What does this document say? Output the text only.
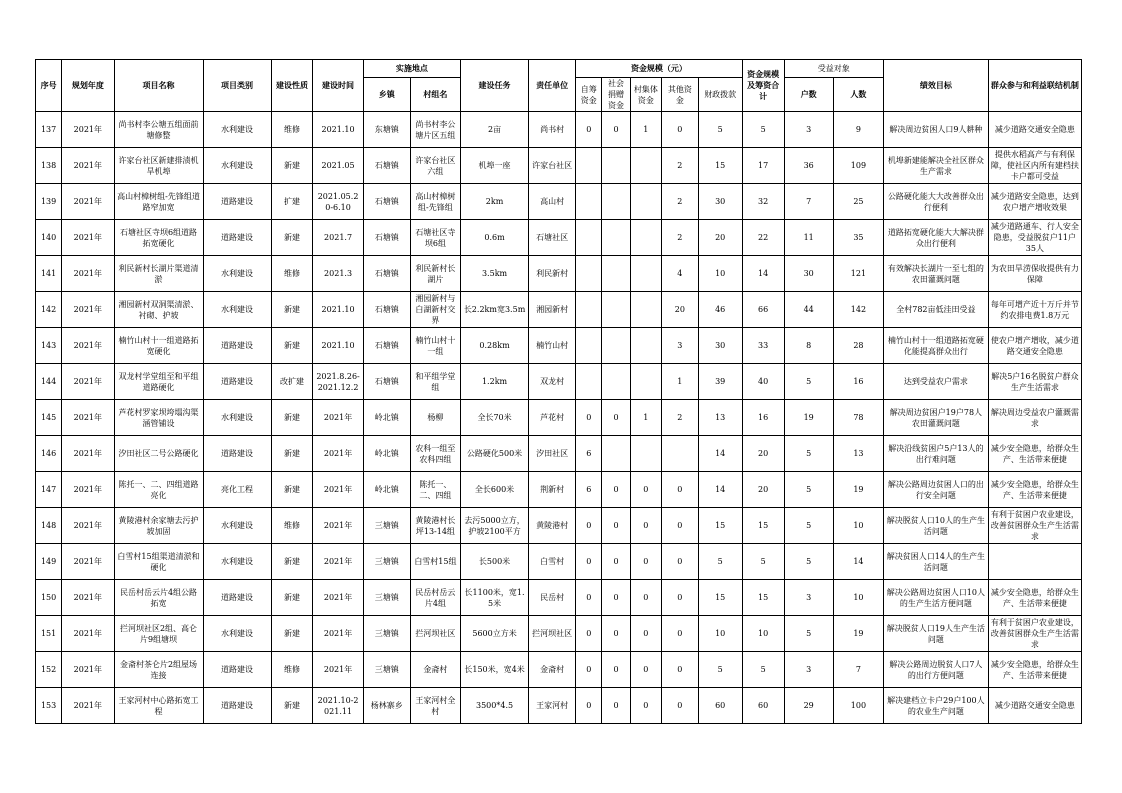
序号	规划年度	项目名称	项目类别	建设性质	建设时间	实施地点		建设任务	责任单位	资金规模（元）					资金规模及筹资合计	受益对象		绩效目标	群众参与和利益联结机制
						乡镇	村组名			自筹资金	社会捐赠资金	村集体资金	其他资金	财政拨款		户数	人数		
137	2021年	尚书村李公塘五组面前塘修整	水利建设	维修	2021.10	东塘镇	尚书村李公塘片区五组	2亩	尚书村	0	0	1	0	5	5	3	9	解决周边贫困人口9人耕种	减少道路交通安全隐患
138	2021年	许家台社区新建排渍机旱机埠	水利建设	新建	2021.05	石塘镇	许家台社区六组	机埠一座	许家台社区				2	15	17	36	109	机埠新建能解决全社区群众生产需求	提供水稻高产与有利保障，使社区内所有建档扶卡户都可受益
139	2021年	高山村樟树组-先锋组道路窄加宽	道路建设	扩建	2021.05.20-6.10	石塘镇	高山村樟树组-先锋组	2km	高山村				2	30	32	7	25	公路硬化能大大改善群众出行便利	减少道路安全隐患，达到农户增产增收效果
140	2021年	石塘社区寺坝6组道路拓宽硬化	道路建设	新建	2021.7	石塘镇	石塘社区寺坝6组	0.6m	石塘社区				2	20	22	11	35	道路拓宽硬化能大大解决群众出行便利	减少道路通车、行人安全隐患，受益脱贫户11户 35人
141	2021年	利民新村长湖片渠道清淤	水利建设	维修	2021.3	石塘镇	利民新村长湖片	3.5km	利民新村				4	10	14	30	121	有效解决长湖片一至七组的农田灌溉问题	为农田旱涝保收提供有力保障
142	2021年	湘园新村双洞渠清淤、衬砌、护坡	水利建设	新建	2021.10	石塘镇	湘园新村与白湖新村交界	长2.2km宽3.5m	湘园新村				20	46	66	44	142	全村782亩低洼田受益	每年可增产近十万斤并节约农排电费1.8万元
143	2021年	楠竹山村十一组道路拓宽硬化	道路建设	新建	2021.10	石塘镇	楠竹山村十一组	0.28km	楠竹山村				3	30	33	8	28	楠竹山村十一组道路拓宽硬化能提高群众出行	使农户增产增收，减少道路交通安全隐患
144	2021年	双龙村学堂组至和平组道路硬化	道路建设	改扩建	2021.8.26-2021.12.2	石塘镇	和平组学堂组	1.2km	双龙村				1	39	40	5	16	达到受益农户需求	解决5户16名脱贫户群众生产生活需求
145	2021年	芦花村罗家坝垮塌沟渠涵管铺设	水利建设	新建	2021年	岭北镇	杨柳	全长70米	芦花村	0	0	1	2	13	16	19	78	解决周边贫困户19户78人农田灌溉问题	解决周边受益农户灌溉需求
146	2021年	汐田社区二号公路硬化	道路建设	新建	2021年	岭北镇	农科一组至农科四组	公路硬化500米	汐田社区	6				14	20	5	13	解决沿线贫困户5户13人的出行难问题	减少安全隐患，给群众生产、生活带来便捷
147	2021年	陈托一、二、四组道路亮化	亮化工程	新建	2021年	岭北镇	陈托一、二、四组	全长600米	荆新村	6	0	0	0	14	20	5	19	解决公路周边贫困人口的出行安全问题	减少安全隐患，给群众生产、生活带来便捷
148	2021年	黄陵港村余家塘去污护坡加固	水利建设	维修	2021年	三塘镇	黄陵港村长坪13-14组	去污5000立方，护坡2100平方	黄陵港村	0	0	0	0	15	15	5	10	解决脱贫人口10人的生产生活问题	有利于贫困户农业建设，改善贫困群众生产生活需求
149	2021年	白雪村15组渠道清淤和硬化	水利建设	新建	2021年	三塘镇	白雪村15组	长500米	白雪村	0	0	0	0	5	5	5	14	解决贫困人口14人的生产生活问题	
150	2021年	民岳村岳云片4组公路拓宽	道路建设	新建	2021年	三塘镇	民岳村岳云片4组	长1100米，宽1.5米	民岳村	0	0	0	0	15	15	3	10	解决公路周边贫困人口10人的生产生活方便问题	减少安全隐患，给群众生产、生活带来便捷
151	2021年	拦河坝社区2组、高仑片9组塘坝	水利建设	新建	2021年	三塘镇	拦河坝社区	5600立方米	拦河坝社区	0	0	0	0	10	10	5	19	解决脱贫人口19人生产生活问题	有利于贫困户农业建设，改善贫困群众生产生活需求
152	2021年	金斋村茶仑片2组屋场连接	道路建设	维修	2021年	三塘镇	金斋村	长150米，宽4米	金斋村	0	0	0	0	5	5	3	7	解决公路周边脱贫人口7人的出行方便问题	减少安全隐患，给群众生产、生活带来便捷
153	2021年	王家河村中心路拓宽工程	道路建设	新建	2021.10-2021.11	杨林寨乡	王家河村全村	3500*4.5	王家河村	0	0	0	0	60	60	29	100	解决建档立卡户29户100人的农业生产问题	减少道路交通安全隐患
